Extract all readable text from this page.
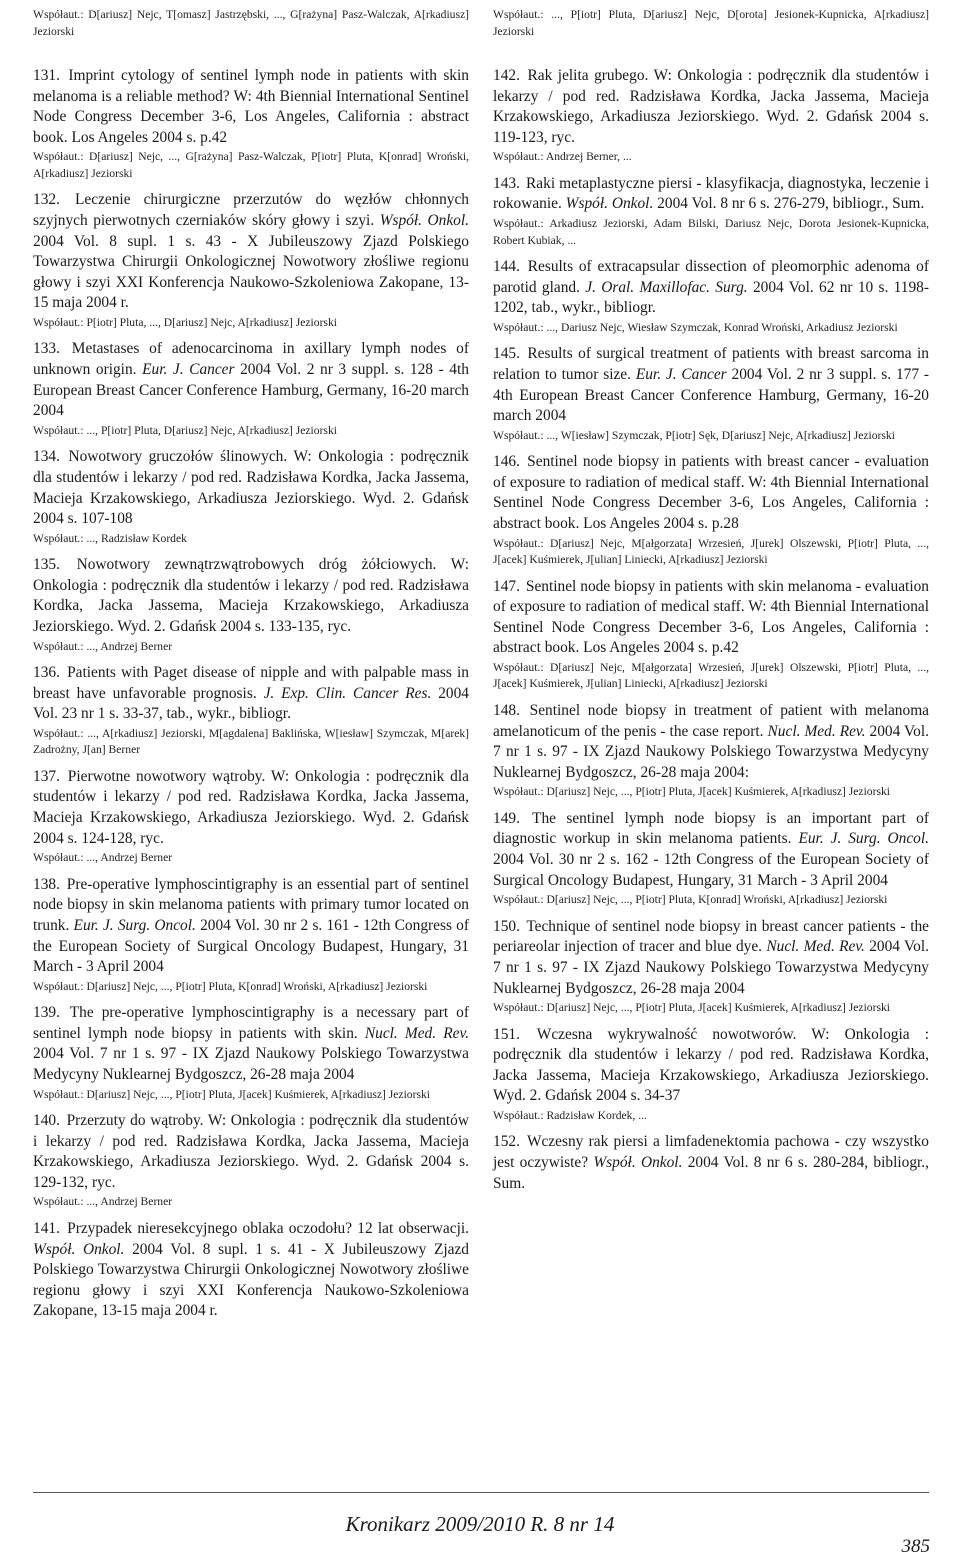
Współaut.: D[ariusz] Nejc, T[omasz] Jastrzębski, ..., G[rażyna] Pasz-Walczak, A[rkadiusz] Jeziorski

131. Imprint cytology of sentinel lymph node in patients with skin melanoma is a reliable method? W: 4th Biennial International Sentinel Node Congress December 3-6, Los Angeles, California : abstract book. Los Angeles 2004 s. p.42

Współaut.: D[ariusz] Nejc, ..., G[rażyna] Pasz-Walczak, P[iotr] Pluta, K[onrad] Wroński, A[rkadiusz] Jeziorski

132. Leczenie chirurgiczne przerzutów do węzłów chłonnych szyjnych pierwotnych czerniaków skóry głowy i szyi. Współ. Onkol. 2004 Vol. 8 supl. 1 s. 43 - X Jubileuszowy Zjazd Polskiego Towarzystwa Chirurgii Onkologicznej Nowotwory złośliwe regionu głowy i szyi XXI Konferencja Naukowo-Szkoleniowa Zakopane, 13-15 maja 2004 r.

Współaut.: P[iotr] Pluta, ..., D[ariusz] Nejc, A[rkadiusz] Jeziorski

133. Metastases of adenocarcinoma in axillary lymph nodes of unknown origin. Eur. J. Cancer 2004 Vol. 2 nr 3 suppl. s. 128 - 4th European Breast Cancer Conference Hamburg, Germany, 16-20 march 2004

Współaut.: ..., P[iotr] Pluta, D[ariusz] Nejc, A[rkadiusz] Jeziorski

134. Nowotwory gruczołów ślinowych. W: Onkologia : podręcznik dla studentów i lekarzy / pod red. Radzisława Kordka, Jacka Jassema, Macieja Krzakowskiego, Arkadiusza Jeziorskiego. Wyd. 2. Gdańsk 2004 s. 107-108

Współaut.: ..., Radzisław Kordek

135. Nowotwory zewnątrzwątrobowych dróg żółciowych. W: Onkologia : podręcznik dla studentów i lekarzy / pod red. Radzisława Kordka, Jacka Jassema, Macieja Krzakowskiego, Arkadiusza Jeziorskiego. Wyd. 2. Gdańsk 2004 s. 133-135, ryc.

Współaut.: ..., Andrzej Berner

136. Patients with Paget disease of nipple and with palpable mass in breast have unfavorable prognosis. J. Exp. Clin. Cancer Res. 2004 Vol. 23 nr 1 s. 33-37, tab., wykr., bibliogr.

Współaut.: ..., A[rkadiusz] Jeziorski, M[agdalena] Baklińska, W[iesław] Szymczak, M[arek] Zadrożny, J[an] Berner

137. Pierwotne nowotwory wątroby. W: Onkologia : podręcznik dla studentów i lekarzy / pod red. Radzisława Kordka, Jacka Jassema, Macieja Krzakowskiego, Arkadiusza Jeziorskiego. Wyd. 2. Gdańsk 2004 s. 124-128, ryc.

Współaut.: ..., Andrzej Berner

138. Pre-operative lymphoscintigraphy is an essential part of sentinel node biopsy in skin melanoma patients with primary tumor located on trunk. Eur. J. Surg. Oncol. 2004 Vol. 30 nr 2 s. 161 - 12th Congress of the European Society of Surgical Oncology Budapest, Hungary, 31 March - 3 April 2004

Współaut.: D[ariusz] Nejc, ..., P[iotr] Pluta, K[onrad] Wroński, A[rkadiusz] Jeziorski

139. The pre-operative lymphoscintigraphy is a necessary part of sentinel lymph node biopsy in patients with skin. Nucl. Med. Rev. 2004 Vol. 7 nr 1 s. 97 - IX Zjazd Naukowy Polskiego Towarzystwa Medycyny Nuklearnej Bydgoszcz, 26-28 maja 2004

Współaut.: D[ariusz] Nejc, ..., P[iotr] Pluta, J[acek] Kuśmierek, A[rkadiusz] Jeziorski

140. Przerzuty do wątroby. W: Onkologia : podręcznik dla studentów i lekarzy / pod red. Radzisława Kordka, Jacka Jassema, Macieja Krzakowskiego, Arkadiusza Jeziorskiego. Wyd. 2. Gdańsk 2004 s. 129-132, ryc.

Współaut.: ..., Andrzej Berner

141. Przypadek nieresekcyjnego oblaka oczodołu? 12 lat obserwacji. Współ. Onkol. 2004 Vol. 8 supl. 1 s. 41 - X Jubileuszowy Zjazd Polskiego Towarzystwa Chirurgii Onkologicznej Nowotwory złośliwe regionu głowy i szyi XXI Konferencja Naukowo-Szkoleniowa Zakopane, 13-15 maja 2004 r.

Współaut.: ..., P[iotr] Pluta, D[ariusz] Nejc, D[orota] Jesionek-Kupnicka, A[rkadiusz] Jeziorski

142. Rak jelita grubego. W: Onkologia : podręcznik dla studentów i lekarzy / pod red. Radzisława Kordka, Jacka Jassema, Macieja Krzakowskiego, Arkadiusza Jeziorskiego. Wyd. 2. Gdańsk 2004 s. 119-123, ryc.

Współaut.: Andrzej Berner, ...

143. Raki metaplastyczne piersi - klasyfikacja, diagnostyka, leczenie i rokowanie. Współ. Onkol. 2004 Vol. 8 nr 6 s. 276-279, bibliogr., Sum.

Współaut.: Arkadiusz Jeziorski, Adam Bilski, Dariusz Nejc, Dorota Jesionek-Kupnicka, Robert Kubiak, ...

144. Results of extracapsular dissection of pleomorphic adenoma of parotid gland. J. Oral. Maxillofac. Surg. 2004 Vol. 62 nr 10 s. 1198-1202, tab., wykr., bibliogr.

Współaut.: ..., Dariusz Nejc, Wiesław Szymczak, Konrad Wroński, Arkadiusz Jeziorski

145. Results of surgical treatment of patients with breast sarcoma in relation to tumor size. Eur. J. Cancer 2004 Vol. 2 nr 3 suppl. s. 177 - 4th European Breast Cancer Conference Hamburg, Germany, 16-20 march 2004

Współaut.: ..., W[iesław] Szymczak, P[iotr] Sęk, D[ariusz] Nejc, A[rkadiusz] Jeziorski

146. Sentinel node biopsy in patients with breast cancer - evaluation of exposure to radiation of medical staff. W: 4th Biennial International Sentinel Node Congress December 3-6, Los Angeles, California : abstract book. Los Angeles 2004 s. p.28

Współaut.: D[ariusz] Nejc, M[ałgorzata] Wrzesień, J[urek] Olszewski, P[iotr] Pluta, ..., J[acek] Kuśmierek, J[ulian] Liniecki, A[rkadiusz] Jeziorski

147. Sentinel node biopsy in patients with skin melanoma - evaluation of exposure to radiation of medical staff. W: 4th Biennial International Sentinel Node Congress December 3-6, Los Angeles, California : abstract book. Los Angeles 2004 s. p.42

Współaut.: D[ariusz] Nejc, M[ałgorzata] Wrzesień, J[urek] Olszewski, P[iotr] Pluta, ..., J[acek] Kuśmierek, J[ulian] Liniecki, A[rkadiusz] Jeziorski

148. Sentinel node biopsy in treatment of patient with melanoma amelanoticum of the penis - the case report. Nucl. Med. Rev. 2004 Vol. 7 nr 1 s. 97 - IX Zjazd Naukowy Polskiego Towarzystwa Medycyny Nuklearnej Bydgoszcz, 26-28 maja 2004:

Współaut.: D[ariusz] Nejc, ..., P[iotr] Pluta, J[acek] Kuśmierek, A[rkadiusz] Jeziorski

149. The sentinel lymph node biopsy is an important part of diagnostic workup in skin melanoma patients. Eur. J. Surg. Oncol. 2004 Vol. 30 nr 2 s. 162 - 12th Congress of the European Society of Surgical Oncology Budapest, Hungary, 31 March - 3 April 2004

Współaut.: D[ariusz] Nejc, ..., P[iotr] Pluta, K[onrad] Wroński, A[rkadiusz] Jeziorski

150. Technique of sentinel node biopsy in breast cancer patients - the periareolar injection of tracer and blue dye. Nucl. Med. Rev. 2004 Vol. 7 nr 1 s. 97 - IX Zjazd Naukowy Polskiego Towarzystwa Medycyny Nuklearnej Bydgoszcz, 26-28 maja 2004

Współaut.: D[ariusz] Nejc, ..., P[iotr] Pluta, J[acek] Kuśmierek, A[rkadiusz] Jeziorski

151. Wczesna wykrywalność nowotworów. W: Onkologia : podręcznik dla studentów i lekarzy / pod red. Radzisława Kordka, Jacka Jassema, Macieja Krzakowskiego, Arkadiusza Jeziorskiego. Wyd. 2. Gdańsk 2004 s. 34-37

Współaut.: Radzisław Kordek, ...

152. Wczesny rak piersi a limfadenektomia pachowa - czy wszystko jest oczywiste? Współ. Onkol. 2004 Vol. 8 nr 6 s. 280-284, bibliogr., Sum.

Kronikarz 2009/2010 R. 8 nr 14
385
